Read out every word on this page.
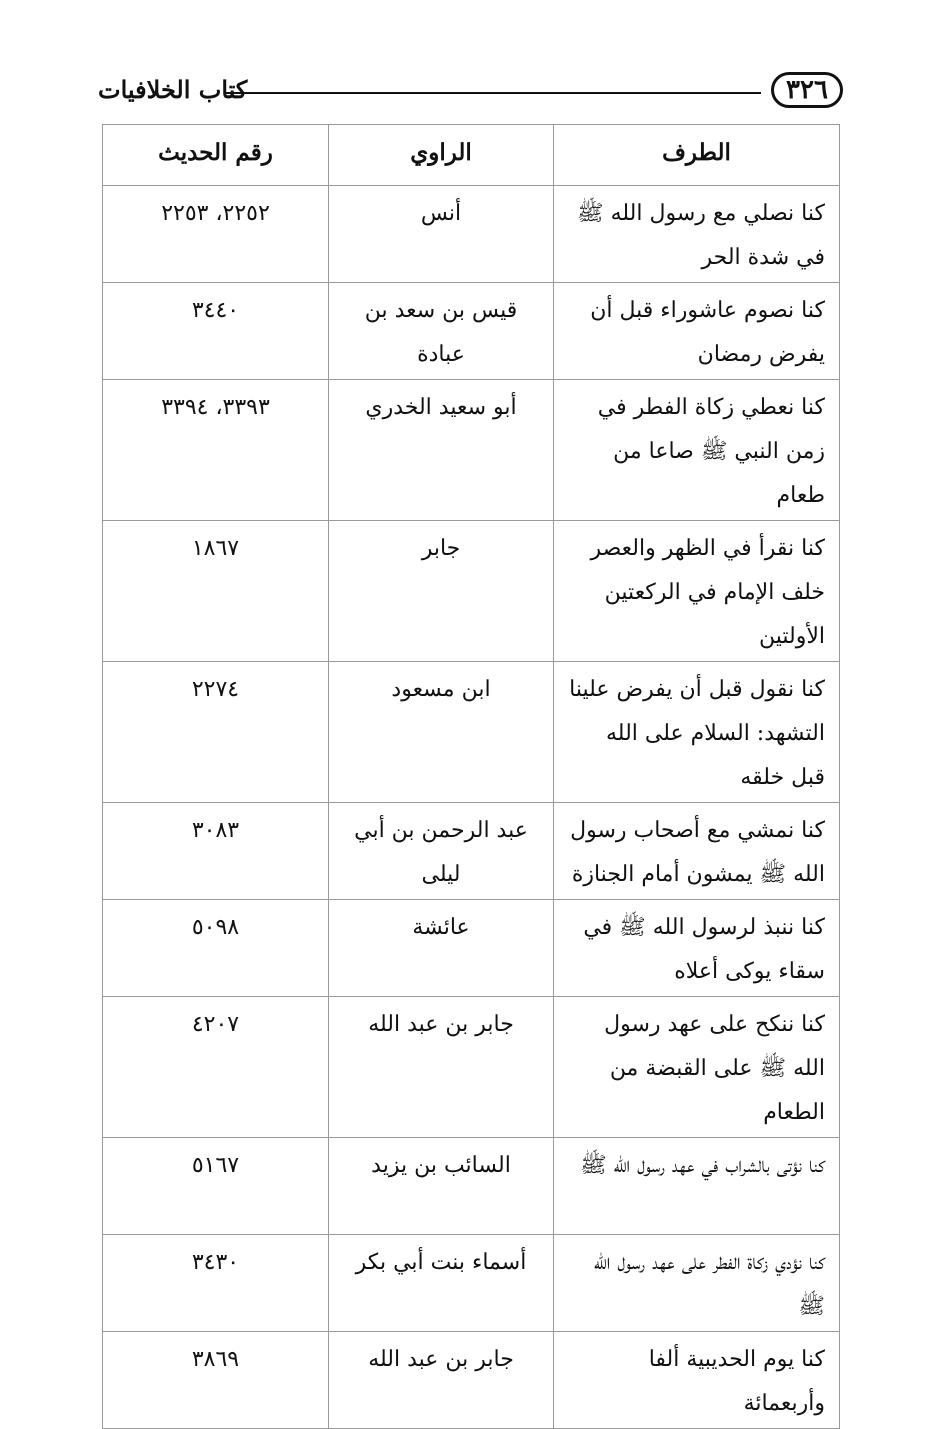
كتاب الخلافيات	٣٢٦
الطرف	الراوي	رقم الحديث
كنا نصلي مع رسول الله ﷺ في شدة الحر	أنس	٢٢٥٢، ٢٢٥٣
كنا نصوم عاشوراء قبل أن يفرض رمضان	قيس بن سعد بن عبادة	٣٤٤٠
كنا نعطي زكاة الفطر في زمن النبي ﷺ صاعا من طعام	أبو سعيد الخدري	٣٣٩٣، ٣٣٩٤
كنا نقرأ في الظهر والعصر خلف الإمام في الركعتين الأولتين	جابر	١٨٦٧
كنا نقول قبل أن يفرض علينا التشهد: السلام على الله قبل خلقه	ابن مسعود	٢٢٧٤
كنا نمشي مع أصحاب رسول الله ﷺ يمشون أمام الجنازة	عبد الرحمن بن أبي ليلى	٣٠٨٣
كنا ننبذ لرسول الله ﷺ في سقاء يوكى أعلاه	عائشة	٥٠٩٨
كنا ننكح على عهد رسول الله ﷺ على القبضة من الطعام	جابر بن عبد الله	٤٢٠٧
كنا نؤتى بالشراب في عهد رسول الله ﷺ	السائب بن يزيد	٥١٦٧
كنا نؤدي زكاة الفطر على عهد رسول الله ﷺ	أسماء بنت أبي بكر	٣٤٣٠
كنا يوم الحديبية ألفا وأربعمائة	جابر بن عبد الله	٣٨٦٩
